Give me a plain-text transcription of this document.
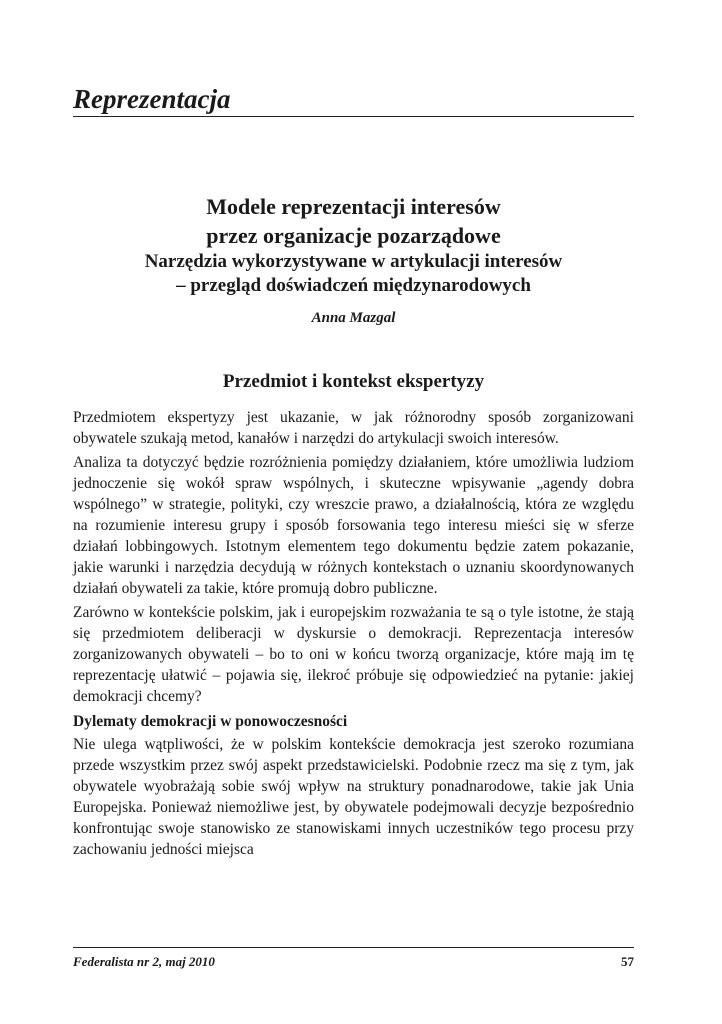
Reprezentacja

Modele reprezentacji interesów

przez organizacje pozarządowe

Narzędzia wykorzystywane w artykulacji interesów

– przegląd doświadczeń międzynarodowych

Anna Mazgal
Przedmiot i kontekst ekspertyzy

Przedmiotem ekspertyzy jest ukazanie, w jak różnorodny sposób zorganizowani obywatele szukają metod, kanałów i narzędzi do artykulacji swoich interesów.

Analiza ta dotyczyć będzie rozróżnienia pomiędzy działaniem, które umożliwia ludziom jednoczenie się wokół spraw wspólnych, i skuteczne wpisywanie „agendy dobra wspólnego” w strategie, polityki, czy wreszcie prawo, a działalnością, która ze względu na rozumienie interesu grupy i sposób forsowania tego interesu mieści się w sferze działań lobbingowych. Istotnym elementem tego dokumentu będzie zatem pokazanie, jakie warunki i narzędzia decydują w różnych kontekstach o uznaniu skoordynowanych działań obywateli za takie, które promują dobro publiczne.

Zarówno w kontekście polskim, jak i europejskim rozważania te są o tyle istotne, że stają się przedmiotem deliberacji w dyskursie o demokracji. Reprezentacja interesów zorganizowanych obywateli – bo to oni w końcu tworzą organizacje, które mają im tę reprezentację ułatwić – pojawia się, ilekroć próbuje się odpowiedzieć na pytanie: jakiej demokracji chcemy?

Dylematy demokracji w ponowoczesności

Nie ulega wątpliwości, że w polskim kontekście demokracja jest szeroko rozumiana przede wszystkim przez swój aspekt przedstawicielski. Podobnie rzecz ma się z tym, jak obywatele wyobrażają sobie swój wpływ na struktury ponadnarodowe, takie jak Unia Europejska. Ponieważ niemożliwe jest, by obywatele podejmowali decyzje bezpośrednio konfrontując swoje stanowisko ze stanowiskami innych uczestników tego procesu przy zachowaniu jedności miejsca

Federalista nr 2, maj 2010	57
